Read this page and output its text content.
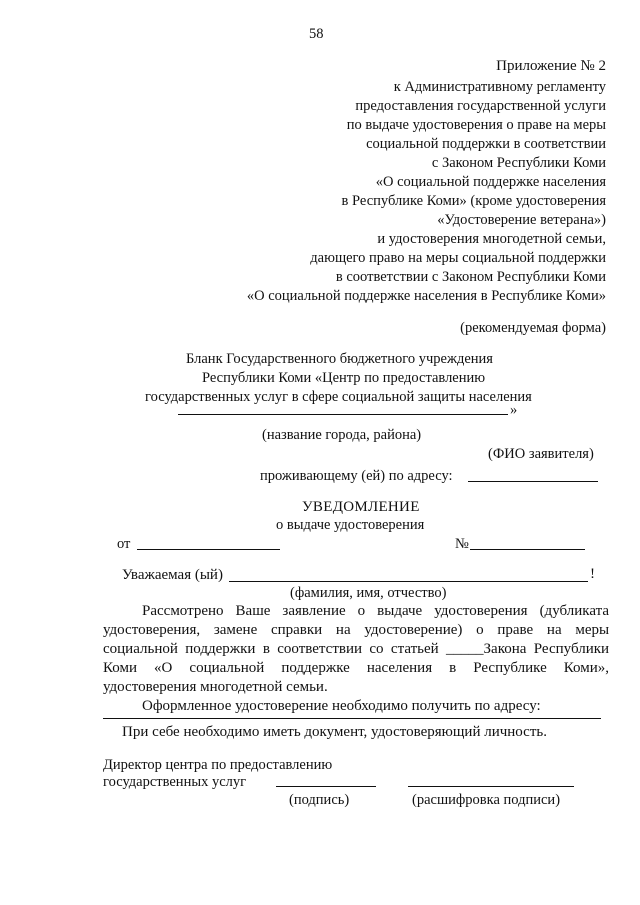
58
Приложение № 2
к Административному регламенту
предоставления государственной услуги
по выдаче удостоверения о праве на меры
социальной поддержки в соответствии
с Законом Республики Коми
«О социальной поддержке населения
в Республике Коми» (кроме удостоверения
«Удостоверение ветерана»)
и удостоверения многодетной семьи,
дающего право на меры социальной поддержки
в соответствии с Законом Республики Коми
«О социальной поддержке населения в Республике Коми»
(рекомендуемая форма)
Бланк Государственного бюджетного учреждения
Республики Коми «Центр по предоставлению
государственных услуг в сфере социальной защиты населения
»
(название города, района)
(ФИО заявителя)
проживающему (ей) по адресу:
УВЕДОМЛЕНИЕ
о выдаче удостоверения
от	№
Уважаемая (ый)	!
(фамилия, имя, отчество)
Рассмотрено Ваше заявление о выдаче удостоверения (дубликата
удостоверения, замене справки на удостоверение) о праве на меры
социальной поддержки в соответствии со статьей _____Закона Республики
Коми «О социальной поддержке населения в Республике Коми»,
удостоверения многодетной семьи.
Оформленное удостоверение необходимо получить по адресу:
При себе необходимо иметь документ, удостоверяющий личность.
Директор центра по предоставлению
государственных услуг
(подпись)	(расшифровка подписи)
